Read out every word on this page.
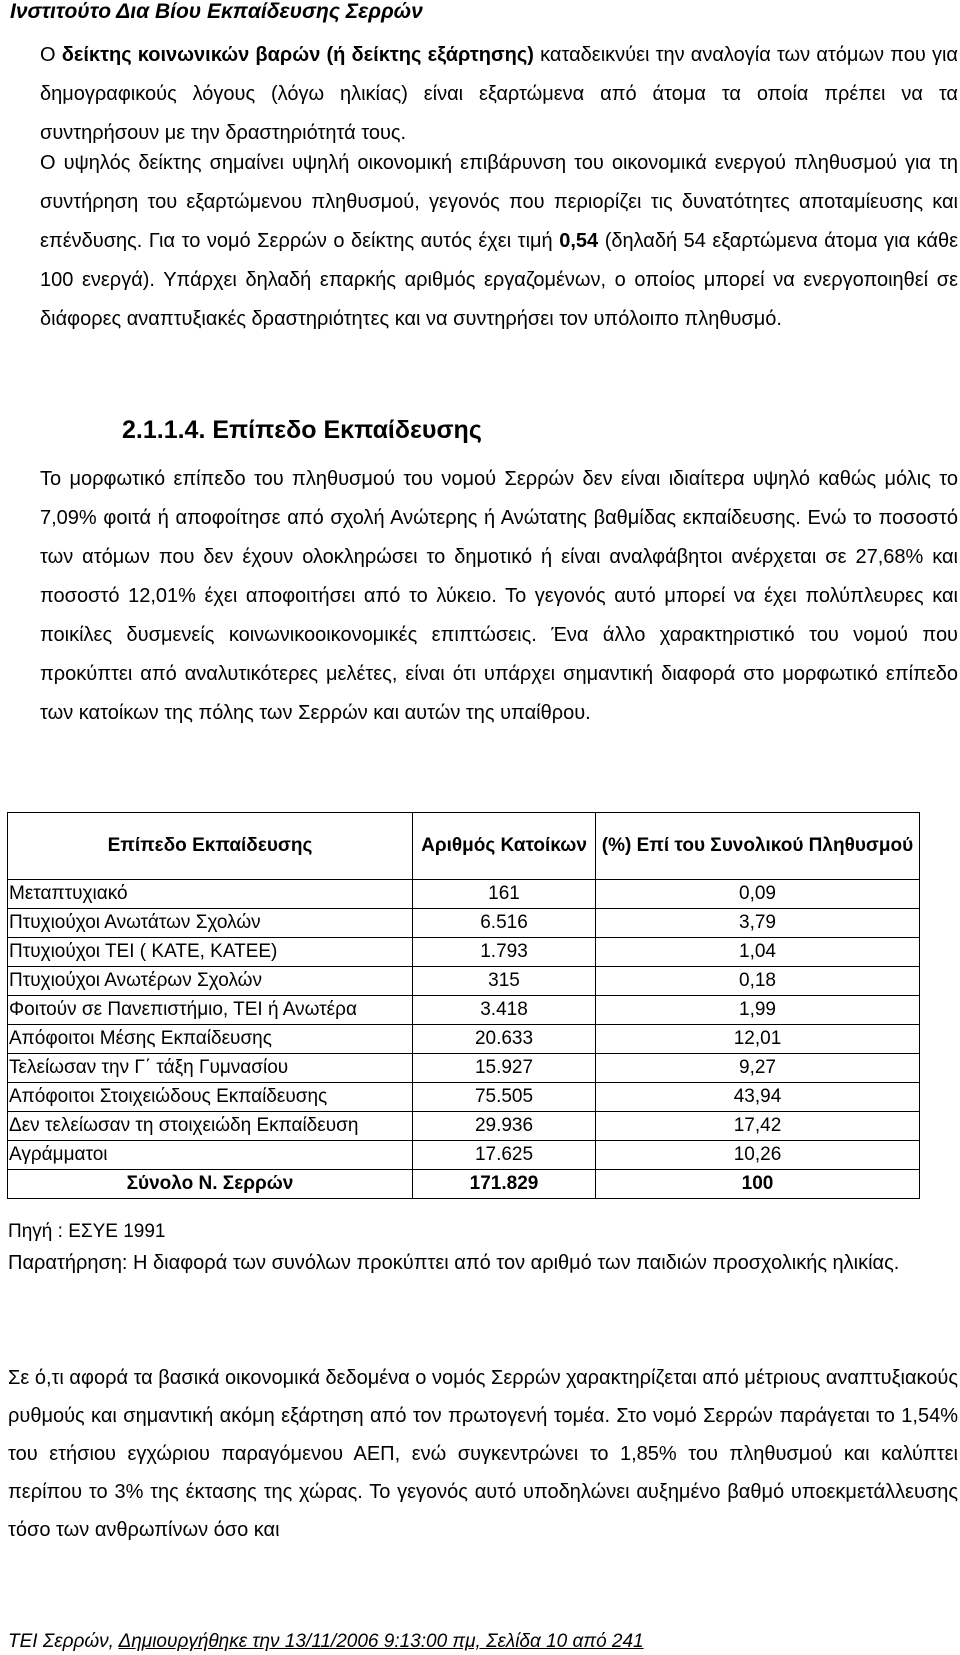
Ινστιτούτο Δια Βίου Εκπαίδευσης Σερρών

Ο δείκτης κοινωνικών βαρών (ή δείκτης εξάρτησης) καταδεικνύει την αναλογία των ατόμων που για δημογραφικούς λόγους (λόγω ηλικίας) είναι εξαρτώμενα από άτομα τα οποία πρέπει να τα συντηρήσουν με την δραστηριότητά τους.

Ο υψηλός δείκτης σημαίνει υψηλή οικονομική επιβάρυνση του οικονομικά ενεργού πληθυσμού για τη συντήρηση του εξαρτώμενου πληθυσμού, γεγονός που περιορίζει τις δυνατότητες αποταμίευσης και επένδυσης. Για το νομό Σερρών ο δείκτης αυτός έχει τιμή 0,54 (δηλαδή 54 εξαρτώμενα άτομα για κάθε 100 ενεργά). Υπάρχει δηλαδή επαρκής αριθμός εργαζομένων, ο οποίος μπορεί να ενεργοποιηθεί σε διάφορες αναπτυξιακές δραστηριότητες και να συντηρήσει τον υπόλοιπο πληθυσμό.

2.1.1.4. Επίπεδο Εκπαίδευσης

Το μορφωτικό επίπεδο του πληθυσμού του νομού Σερρών δεν είναι ιδιαίτερα υψηλό καθώς μόλις το 7,09% φοιτά ή αποφοίτησε από σχολή Ανώτερης ή Ανώτατης βαθμίδας εκπαίδευσης. Ενώ το ποσοστό των ατόμων που δεν έχουν ολοκληρώσει το δημοτικό ή είναι αναλφάβητοι ανέρχεται σε 27,68% και ποσοστό 12,01% έχει αποφοιτήσει από το λύκειο. Το γεγονός αυτό μπορεί να έχει πολύπλευρες και ποικίλες δυσμενείς κοινωνικοοικονομικές επιπτώσεις. Ένα άλλο χαρακτηριστικό του νομού που προκύπτει από αναλυτικότερες μελέτες, είναι ότι υπάρχει σημαντική διαφορά στο μορφωτικό επίπεδο των κατοίκων της πόλης των Σερρών και αυτών της υπαίθρου.

Επίπεδο Εκπαίδευσης	Αριθμός Κατοίκων	(%) Επί του Συνολικού Πληθυσμού
Μεταπτυχιακό	161	0,09
Πτυχιούχοι Ανωτάτων Σχολών	6.516	3,79
Πτυχιούχοι ΤΕΙ ( ΚΑΤΕ, ΚΑΤΕΕ)	1.793	1,04
Πτυχιούχοι Ανωτέρων Σχολών	315	0,18
Φοιτούν σε Πανεπιστήμιο, ΤΕΙ ή Ανωτέρα	3.418	1,99
Απόφοιτοι Μέσης Εκπαίδευσης	20.633	12,01
Τελείωσαν την Γ΄ τάξη Γυμνασίου	15.927	9,27
Απόφοιτοι Στοιχειώδους Εκπαίδευσης	75.505	43,94
Δεν τελείωσαν τη στοιχειώδη Εκπαίδευση	29.936	17,42
Αγράμματοι	17.625	10,26
Σύνολο Ν. Σερρών	171.829	100
Πηγή : ΕΣΥΕ 1991

Παρατήρηση: Η διαφορά των συνόλων προκύπτει από τον αριθμό των παιδιών προσχολικής ηλικίας.

Σε ό,τι αφορά τα βασικά οικονομικά δεδομένα ο νομός Σερρών χαρακτηρίζεται από μέτριους αναπτυξιακούς ρυθμούς και σημαντική ακόμη εξάρτηση από τον πρωτογενή τομέα. Στο νομό Σερρών παράγεται το 1,54% του ετήσιου εγχώριου παραγόμενου ΑΕΠ, ενώ συγκεντρώνει το 1,85% του πληθυσμού και καλύπτει περίπου το 3% της έκτασης της χώρας. Το γεγονός αυτό υποδηλώνει αυξημένο βαθμό υποεκμετάλλευσης τόσο των ανθρωπίνων όσο και

ΤΕΙ Σερρών, Δημιουργήθηκε την 13/11/2006 9:13:00 πμ, Σελίδα 10 από 241
